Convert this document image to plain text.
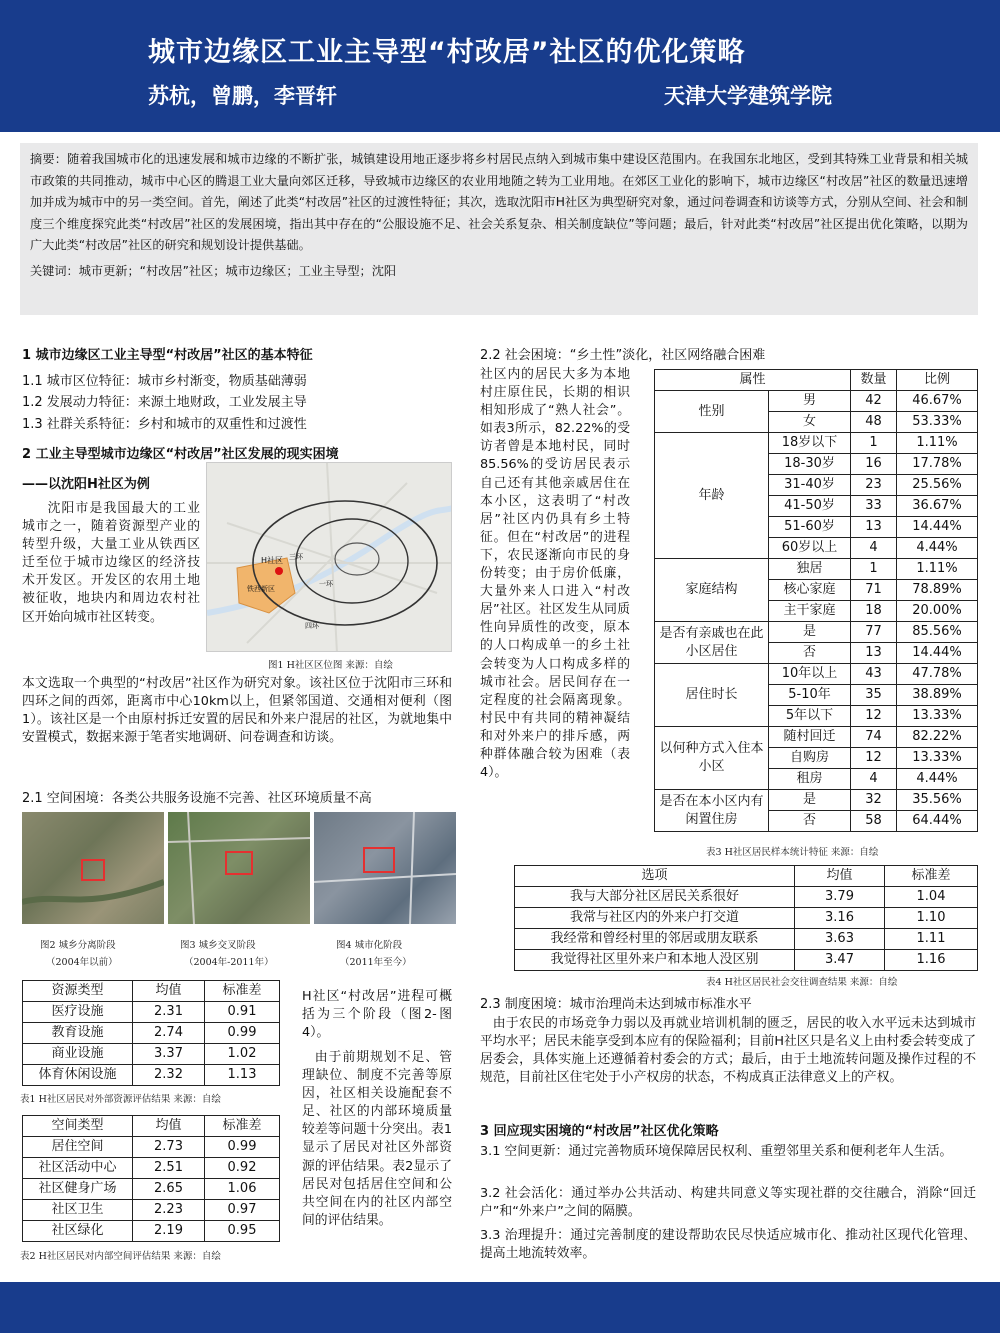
城市边缘区工业主导型“村改居”社区的优化策略
苏杭，曾鹏，李晋轩	天津大学建筑学院

摘要：随着我国城市化的迅速发展和城市边缘的不断扩张，城镇建设用地正逐步将乡村居民点纳入到城市集中建设区范围内。在我国东北地区，受到其特殊工业背景和相关城市政策的共同推动，城市中心区的腾退工业大量向郊区迁移，导致城市边缘区的农业用地随之转为工业用地。在郊区工业化的影响下，城市边缘区“村改居”社区的数量迅速增加并成为城市中的另一类空间。首先，阐述了此类“村改居”社区的过渡性特征；其次，选取沈阳市H社区为典型研究对象，通过问卷调查和访谈等方式，分别从空间、社会和制度三个维度探究此类“村改居”社区的发展困境，指出其中存在的“公服设施不足、社会关系复杂、相关制度缺位”等问题；最后，针对此类“村改居”社区提出优化策略，以期为广大此类“村改居”社区的研究和规划设计提供基础。

关键词：城市更新；“村改居”社区；城市边缘区；工业主导型；沈阳

1 城市边缘区工业主导型“村改居”社区的基本特征
1.1 城市区位特征：城市乡村渐变，物质基础薄弱
1.2 发展动力特征：来源土地财政，工业发展主导
1.3 社群关系特征：乡村和城市的双重性和过渡性
2 工业主导型城市边缘区“村改居”社区发展的现实困境
——以沈阳H社区为例
沈阳市是我国最大的工业城市之一，随着资源型产业的转型升级，大量工业从铁西区迁至位于城市边缘区的经济技术开发区。开发区的农用土地被征收，地块内和周边农村社区开始向城市社区转变。
H社区
铁西新区
一环
四环
三环
图1 H社区区位图 来源：自绘
本文选取一个典型的“村改居”社区作为研究对象。该社区位于沈阳市三环和四环之间的西郊，距离市中心10km以上，但紧邻国道、交通相对便利（图1）。该社区是一个由原村拆迁安置的居民和外来户混居的社区，为就地集中安置模式，数据来源于笔者实地调研、问卷调查和访谈。
2.1 空间困境：各类公共服务设施不完善、社区环境质量不高
图2 城乡分离阶段
（2004年以前）
图3 城乡交叉阶段
（2004年-2011年）
图4 城市化阶段
（2011年至今）
资源类型	均值	标准差
医疗设施	2.31	0.91
教育设施	2.74	0.99
商业设施	3.37	1.02
体育休闲设施	2.32	1.13
表1 H社区居民对外部资源评估结果 来源：自绘
空间类型	均值	标准差
居住空间	2.73	0.99
社区活动中心	2.51	0.92
社区健身广场	2.65	1.06
社区卫生	2.23	0.97
社区绿化	2.19	0.95
表2 H社区居民对内部空间评估结果 来源：自绘
H社区“村改居”进程可概括为三个阶段（图2-图4）。
由于前期规划不足、管理缺位、制度不完善等原因，社区相关设施配套不足、社区的内部环境质量较差等问题十分突出。表1显示了居民对社区外部资源的评估结果。表2显示了居民对包括居住空间和公共空间在内的社区内部空间的评估结果。
2.2 社会困境：“乡土性”淡化，社区网络融合困难
社区内的居民大多为本地村庄原住民，长期的相识相知形成了“熟人社会”。如表3所示，82.22%的受访者曾是本地村民，同时85.56%的受访居民表示自己还有其他亲戚居住在本小区，这表明了“村改居”社区内仍具有乡土特征。但在“村改居”的进程下，农民逐渐向市民的身份转变；由于房价低廉，大量外来人口进入“村改居”社区。社区发生从同质性向异质性的改变，原本的人口构成单一的乡土社会转变为人口构成多样的城市社会。居民间存在一定程度的社会隔离现象。村民中有共同的精神凝结和对外来户的排斥感，两种群体融合较为困难（表4）。
属性		数量	比例
性别	男	42	46.67%
	女	48	53.33%
年龄	18岁以下	1	1.11%
	18-30岁	16	17.78%
	31-40岁	23	25.56%
	41-50岁	33	36.67%
	51-60岁	13	14.44%
	60岁以上	4	4.44%
家庭结构	独居	1	1.11%
	核心家庭	71	78.89%
	主干家庭	18	20.00%
是否有亲戚也在此小区居住	是	77	85.56%
	否	13	14.44%
居住时长	10年以上	43	47.78%
	5-10年	35	38.89%
	5年以下	12	13.33%
以何种方式入住本小区	随村回迁	74	82.22%
	自购房	12	13.33%
	租房	4	4.44%
是否在本小区内有闲置住房	是	32	35.56%
	否	58	64.44%
表3 H社区居民样本统计特征 来源：自绘
选项	均值	标准差
我与大部分社区居民关系很好	3.79	1.04
我常与社区内的外来户打交道	3.16	1.10
我经常和曾经村里的邻居或朋友联系	3.63	1.11
我觉得社区里外来户和本地人没区别	3.47	1.16
表4 H社区居民社会交往调查结果 来源：自绘
2.3 制度困境：城市治理尚未达到城市标准水平
由于农民的市场竞争力弱以及再就业培训机制的匮乏，居民的收入水平远未达到城市平均水平；居民未能享受到本应有的保险福利；目前H社区只是名义上由村委会转变成了居委会，具体实施上还遵循着村委会的方式；最后，由于土地流转问题及操作过程的不规范，目前社区住宅处于小产权房的状态，不构成真正法律意义上的产权。
3 回应现实困境的“村改居”社区优化策略
3.1 空间更新：通过完善物质环境保障居民权利、重塑邻里关系和便利老年人生活。
3.2 社会活化：通过举办公共活动、构建共同意义等实现社群的交往融合，消除“回迁户”和“外来户”之间的隔膜。
3.3 治理提升：通过完善制度的建设帮助农民尽快适应城市化、推动社区现代化管理、提高土地流转效率。
